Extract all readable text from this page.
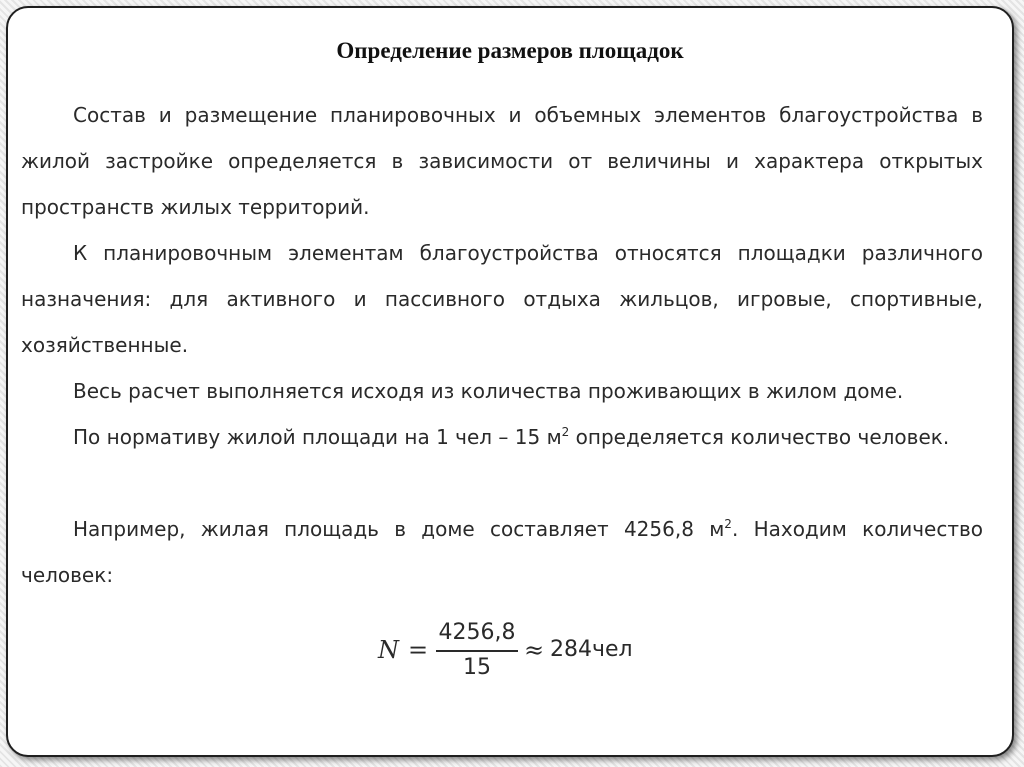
Определение размеров площадок

Состав и размещение планировочных и объемных элементов благоустройства в жилой застройке определяется в зависимости от величины и характера открытых пространств жилых территорий.

К планировочным элементам благоустройства относятся площадки различного назначения: для активного и пассивного отдыха жильцов, игровые, спортивные, хозяйственные.

Весь расчет выполняется исходя из количества проживающих в жилом доме.

По нормативу жилой площади на 1 чел – 15 $м^2$ определяется количество человек.

Например, жилая площадь в доме составляет 4256,8 $м^2$. Находим количество человек:

N =
4256,8
15
≈ 284чел
